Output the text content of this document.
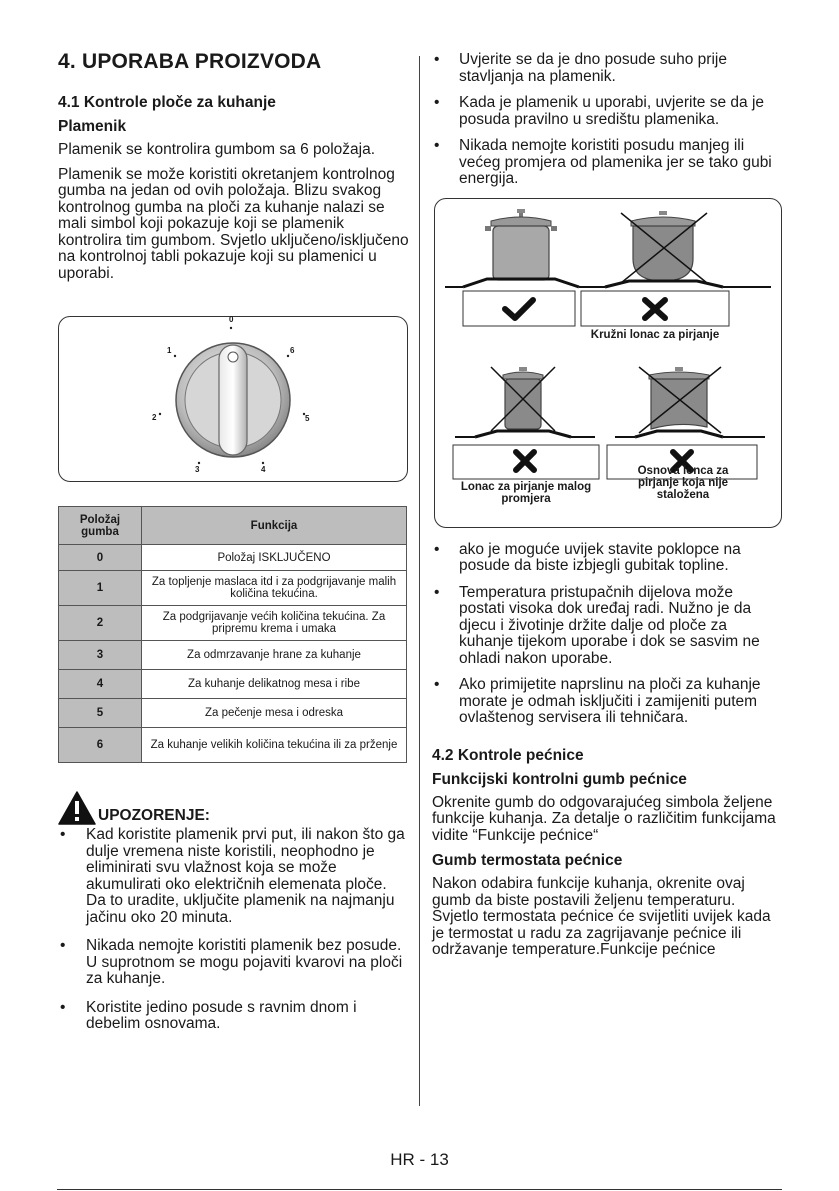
4. UPORABA PROIZVODA
4.1 Kontrole ploče za kuhanje
Plamenik

Plamenik se kontrolira gumbom sa 6 položaja.

Plamenik se može koristiti okretanjem kontrolnog gumba na jedan od ovih položaja. Blizu svakog kontrolnog gumba na ploči za kuhanje nalazi se mali simbol koji pokazuje koji se plamenik kontrolira tim gumbom. Svjetlo uključeno/isključeno na kontrolnoj tabli pokazuje koji su plamenici u uporabi.

0
1
2
3	4
5
6
Položaj gumba	Funkcija
0	Položaj ISKLJUČENO
1	Za topljenje maslaca itd i za podgrijavanje malih količina tekućina.
2	Za podgrijavanje većih količina tekućina. Za pripremu krema i umaka
3	Za odmrzavanje hrane za kuhanje
4	Za kuhanje delikatnog mesa i ribe
5	Za pečenje mesa i odreska
6	Za kuhanje velikih količina tekućina ili za prženje
UPOZORENJE:
• Kad koristite plamenik prvi put, ili nakon što ga dulje vremena niste koristili, neophodno je eliminirati svu vlažnost koja se može akumulirati oko električnih elemenata ploče. Da to uradite, uključite plamenik na najmanju jačinu oko 20 minuta.
• Nikada nemojte koristiti plamenik bez posude. U suprotnom se mogu pojaviti kvarovi na ploči za kuhanje.
• Koristite jedino posude s ravnim dnom i debelim osnovama.
• Uvjerite se da je dno posude suho prije stavljanja na plamenik.
• Kada je plamenik u uporabi, uvjerite se da je posuda pravilno u središtu plamenika.
• Nikada nemojte koristiti posudu manjeg ili većeg promjera od plamenika jer se tako gubi energija.
Kružni lonac za pirjanje
Lonac za pirjanje malog promjera
Osnova lonca za pirjanje koja nije staložena
• ako je moguće uvijek stavite poklopce na posude da biste izbjegli gubitak topline.
• Temperatura pristupačnih dijelova može postati visoka dok uređaj radi. Nužno je da djecu i životinje držite dalje od ploče za kuhanje tijekom uporabe i dok se sasvim ne ohladi nakon uporabe.
• Ako primijetite naprslinu na ploči za kuhanje morate je odmah isključiti i zamijeniti putem ovlaštenog servisera ili tehničara.
4.2 Kontrole pećnice
Funkcijski kontrolni gumb pećnice

Okrenite gumb do odgovarajućeg simbola željene funkcije kuhanja. Za detalje o različitim funkcijama vidite “Funkcije pećnice“

Gumb termostata pećnice

Nakon odabira funkcije kuhanja, okrenite ovaj gumb da biste postavili željenu temperaturu. Svjetlo termostata pećnice će svijetliti uvijek kada je termostat u radu za zagrijavanje pećnice ili održavanje temperature.Funkcije pećnice

HR - 13
